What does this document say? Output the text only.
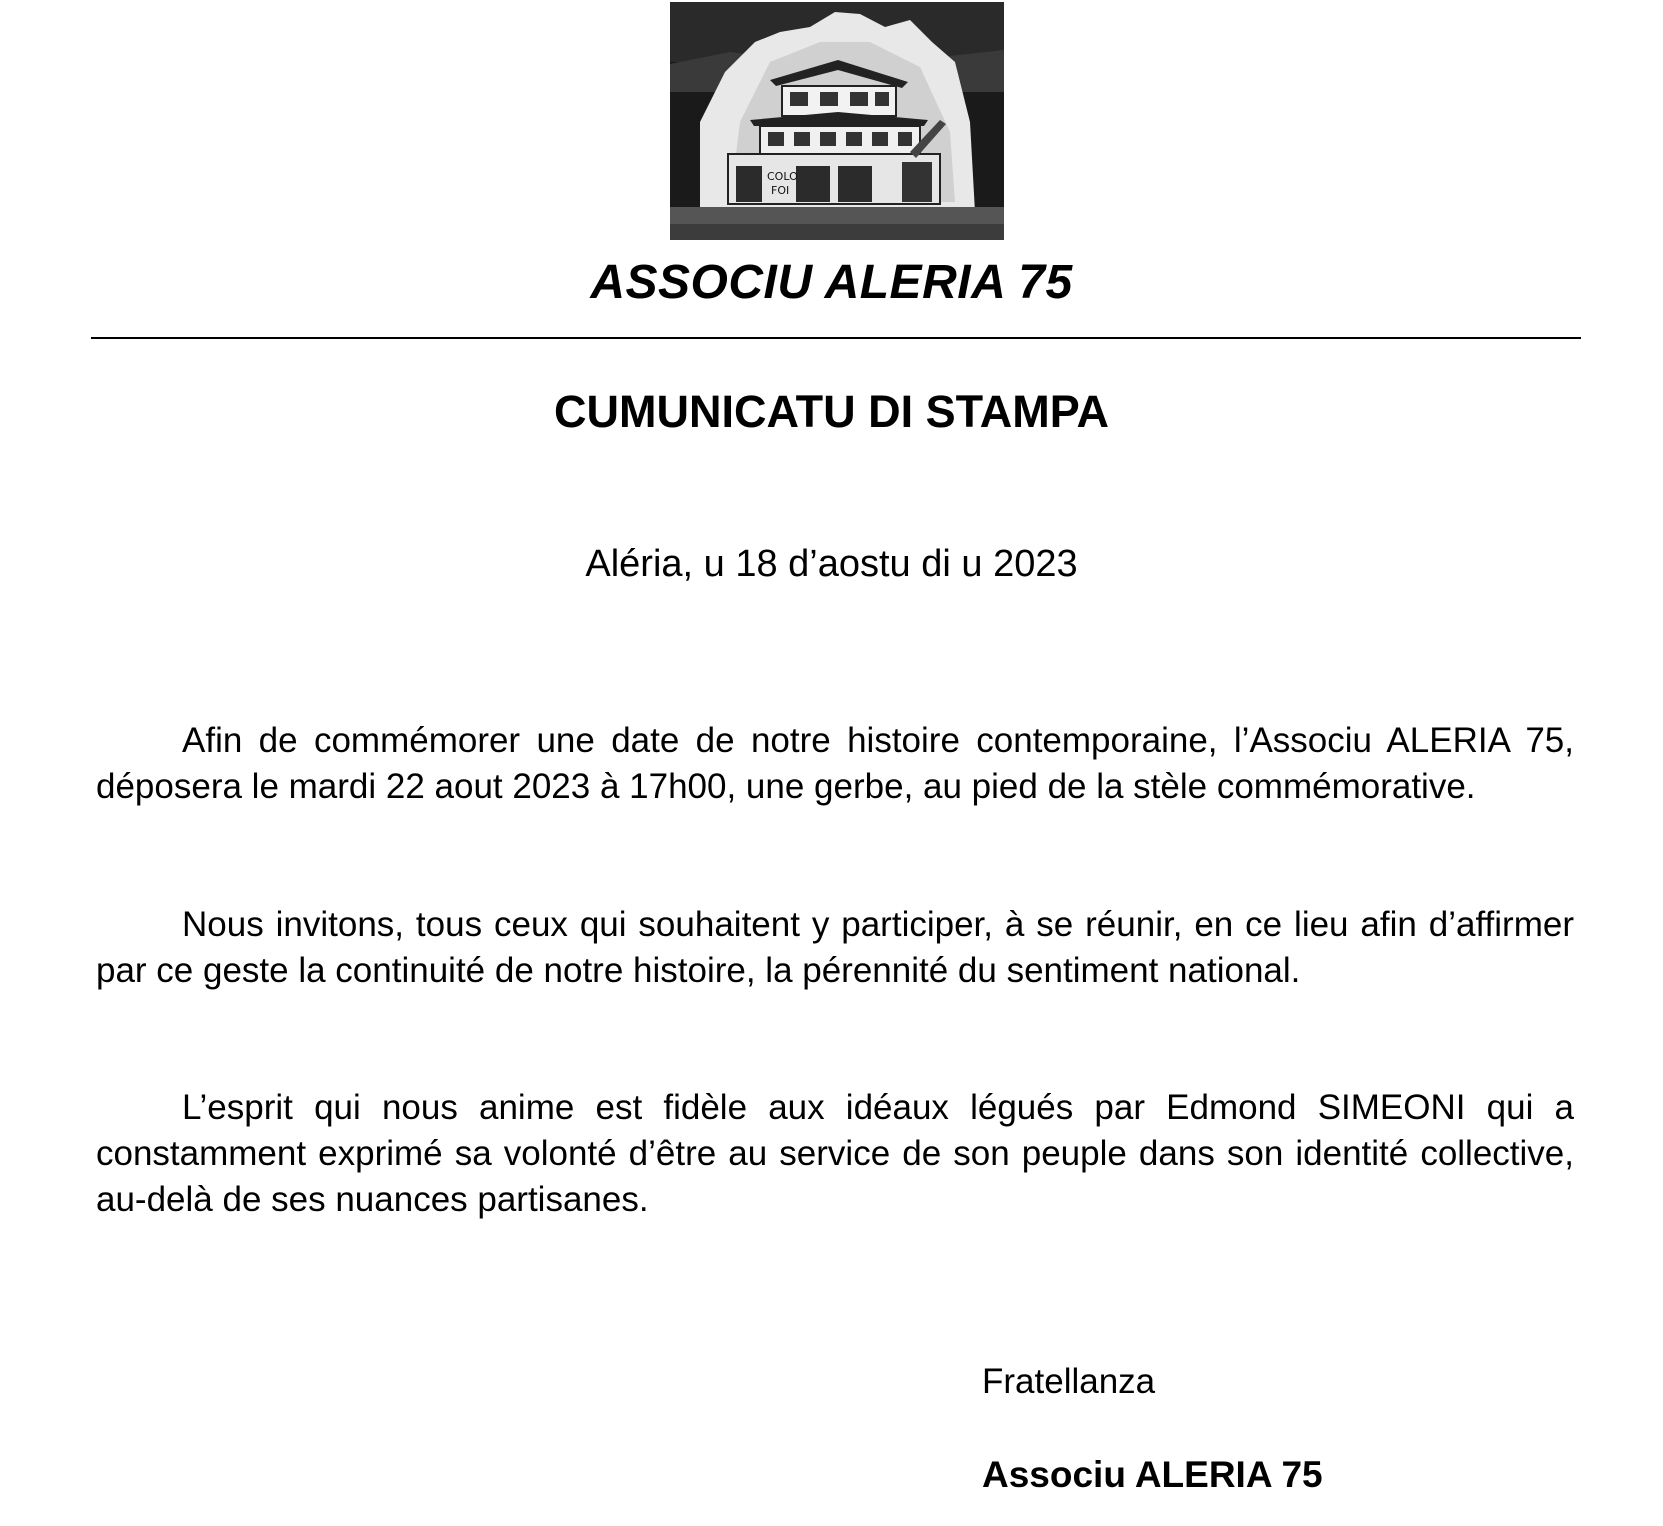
COLO
FOI
ASSOCIU ALERIA 75
CUMUNICATU DI STAMPA
Aléria, u 18 d’aostu di u 2023

Afin de commémorer une date de notre histoire contemporaine, l’Associu ALERIA 75, déposera le mardi 22 aout 2023 à 17h00, une gerbe, au pied de la stèle commémorative.

Nous invitons, tous ceux qui souhaitent y participer, à se réunir, en ce lieu afin d’affirmer par ce geste la continuité de notre histoire, la pérennité du sentiment national.

L’esprit qui nous anime est fidèle aux idéaux légués par Edmond SIMEONI qui a constamment exprimé sa volonté d’être au service de son peuple dans son identité collective, au-delà de ses nuances partisanes.

Fratellanza
Associu ALERIA 75
